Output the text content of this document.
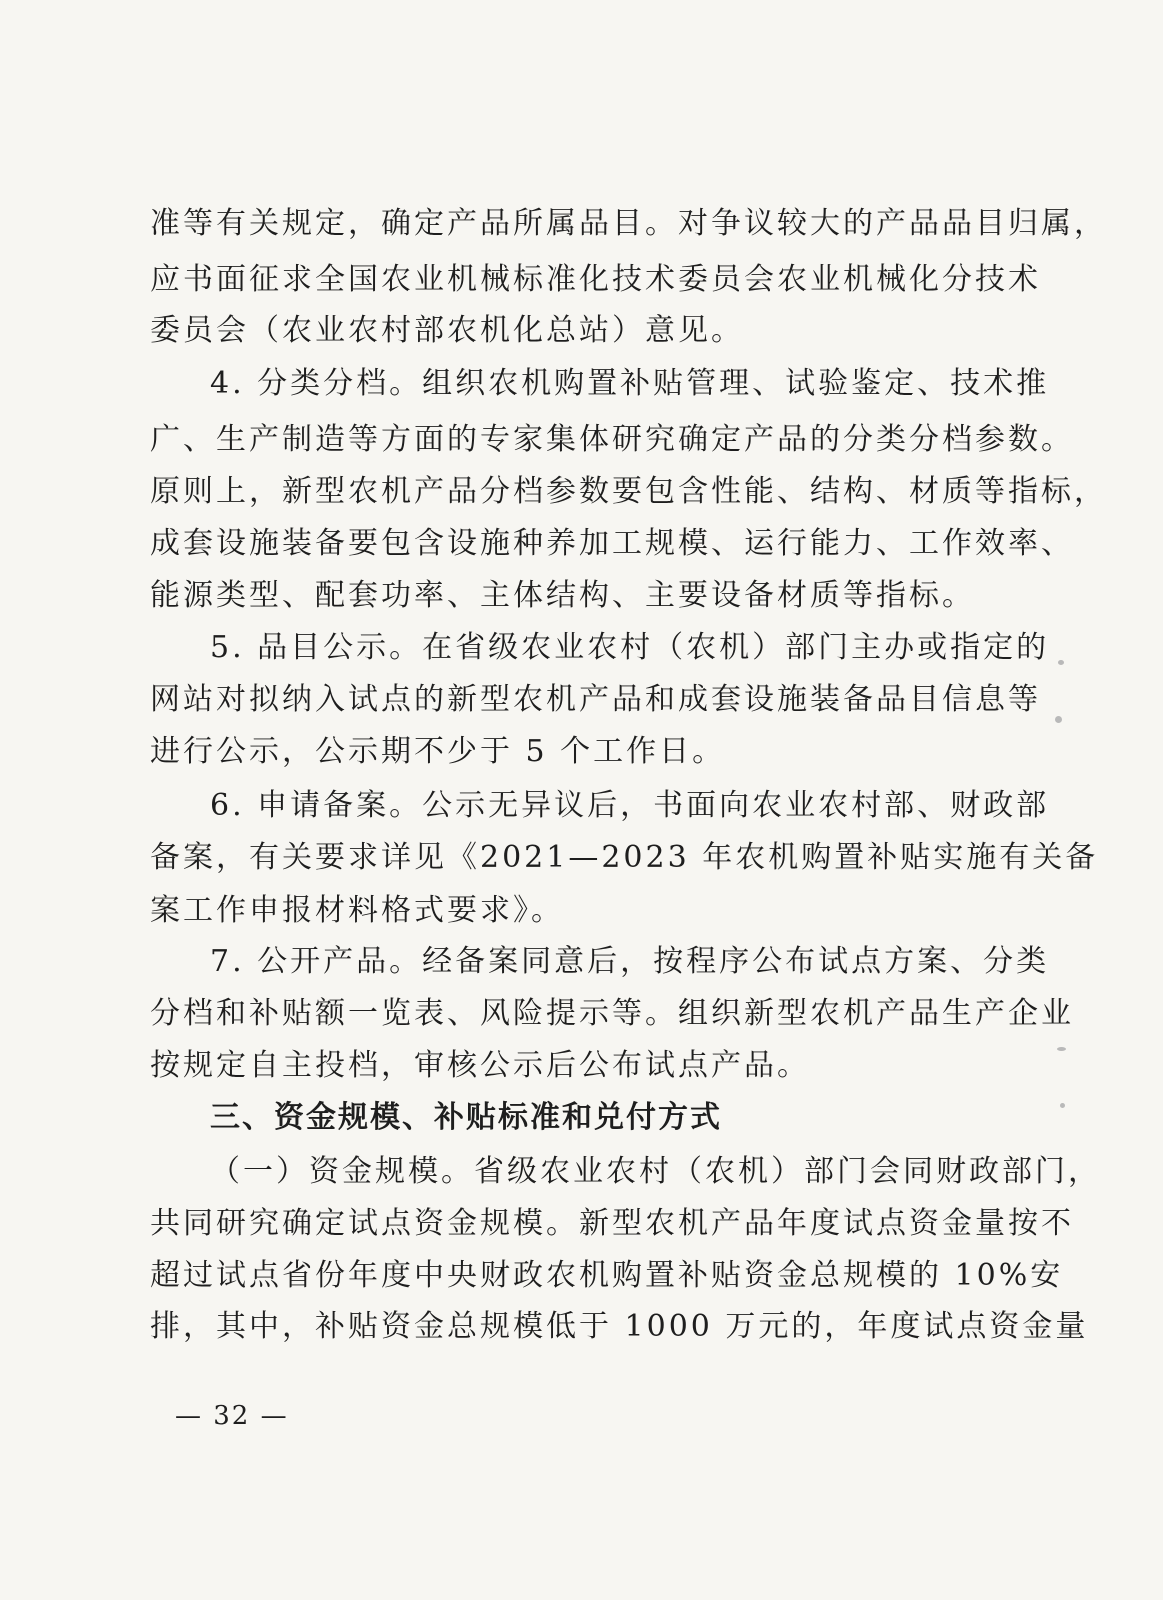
准等有关规定，确定产品所属品目。对争议较大的产品品目归属，
应书面征求全国农业机械标准化技术委员会农业机械化分技术
委员会（农业农村部农机化总站）意见。
4. 分类分档。组织农机购置补贴管理、试验鉴定、技术推
广、生产制造等方面的专家集体研究确定产品的分类分档参数。
原则上，新型农机产品分档参数要包含性能、结构、材质等指标，
成套设施装备要包含设施种养加工规模、运行能力、工作效率、
能源类型、配套功率、主体结构、主要设备材质等指标。
5. 品目公示。在省级农业农村（农机）部门主办或指定的
网站对拟纳入试点的新型农机产品和成套设施装备品目信息等
进行公示，公示期不少于 5 个工作日。
6. 申请备案。公示无异议后，书面向农业农村部、财政部
备案，有关要求详见《2021—2023 年农机购置补贴实施有关备
案工作申报材料格式要求》。
7. 公开产品。经备案同意后，按程序公布试点方案、分类
分档和补贴额一览表、风险提示等。组织新型农机产品生产企业
按规定自主投档，审核公示后公布试点产品。
三、资金规模、补贴标准和兑付方式
（一）资金规模。省级农业农村（农机）部门会同财政部门，
共同研究确定试点资金规模。新型农机产品年度试点资金量按不
超过试点省份年度中央财政农机购置补贴资金总规模的 10%安
排，其中，补贴资金总规模低于 1000 万元的，年度试点资金量
— 32 —
